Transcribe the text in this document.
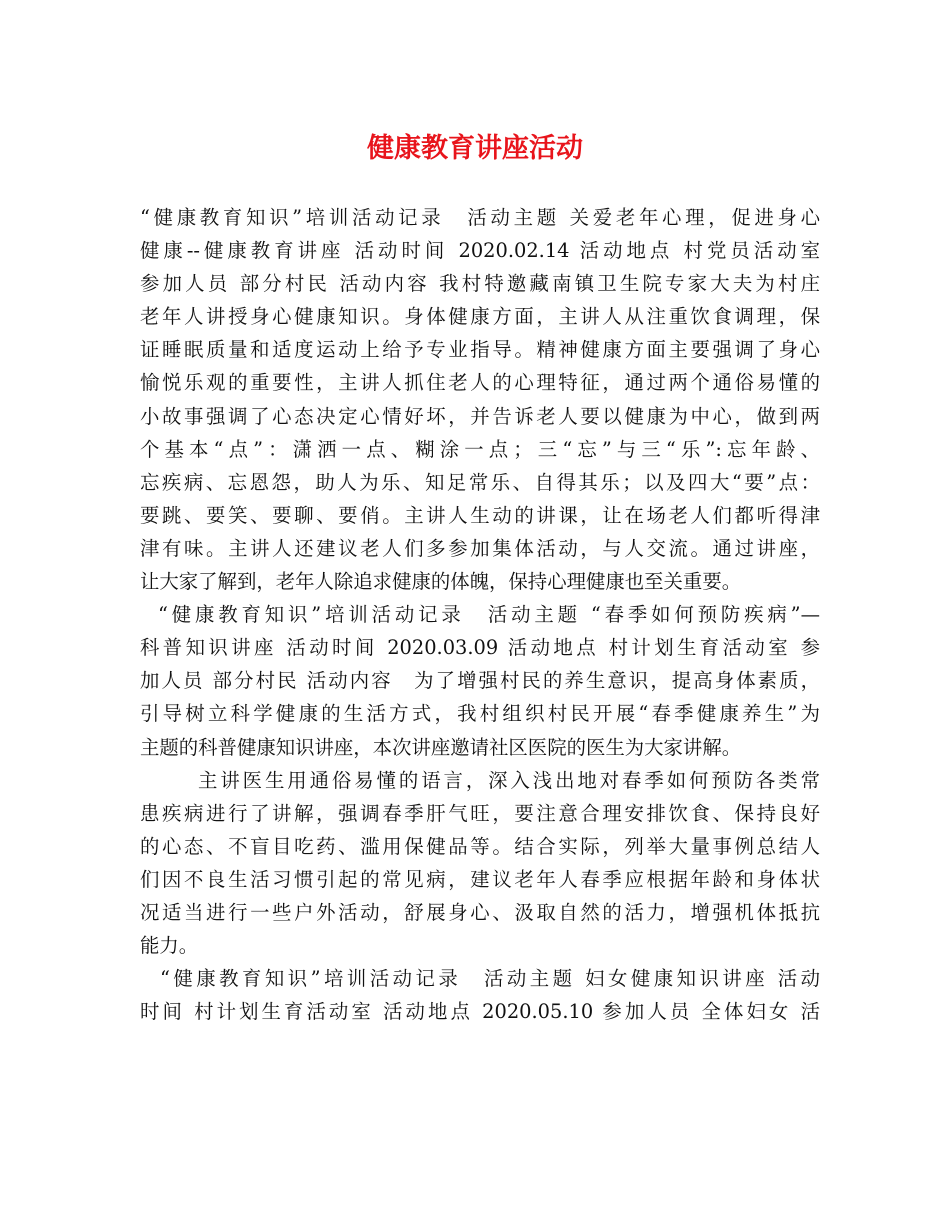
健康教育讲座活动
“健康教育知识”培训活动记录　活动主题 关爱老年心理，促进身心
健康--健康教育讲座 活动时间 2020.02.14 活动地点 村党员活动室
参加人员 部分村民 活动内容 我村特邀藏南镇卫生院专家大夫为村庄
老年人讲授身心健康知识。身体健康方面，主讲人从注重饮食调理，保
证睡眠质量和适度运动上给予专业指导。精神健康方面主要强调了身心
愉悦乐观的重要性，主讲人抓住老人的心理特征，通过两个通俗易懂的
小故事强调了心态决定心情好坏，并告诉老人要以健康为中心，做到两
个基本“点”：潇洒一点、糊涂一点；三“忘”与三“乐”:忘年龄、
忘疾病、忘恩怨，助人为乐、知足常乐、自得其乐；以及四大“要”点：
要跳、要笑、要聊、要俏。主讲人生动的讲课，让在场老人们都听得津
津有味。主讲人还建议老人们多参加集体活动，与人交流。通过讲座，
让大家了解到，老年人除追求健康的体魄，保持心理健康也至关重要。
“健康教育知识”培训活动记录　活动主题 “春季如何预防疾病”—
科普知识讲座 活动时间 2020.03.09 活动地点 村计划生育活动室 参
加人员 部分村民 活动内容　为了增强村民的养生意识，提高身体素质，
引导树立科学健康的生活方式，我村组织村民开展“春季健康养生”为
主题的科普健康知识讲座，本次讲座邀请社区医院的医生为大家讲解。
主讲医生用通俗易懂的语言，深入浅出地对春季如何预防各类常
患疾病进行了讲解，强调春季肝气旺，要注意合理安排饮食、保持良好
的心态、不盲目吃药、滥用保健品等。结合实际，列举大量事例总结人
们因不良生活习惯引起的常见病，建议老年人春季应根据年龄和身体状
况适当进行一些户外活动，舒展身心、汲取自然的活力，增强机体抵抗
能力。
“健康教育知识”培训活动记录　活动主题 妇女健康知识讲座 活动
时间 村计划生育活动室 活动地点 2020.05.10 参加人员 全体妇女 活
